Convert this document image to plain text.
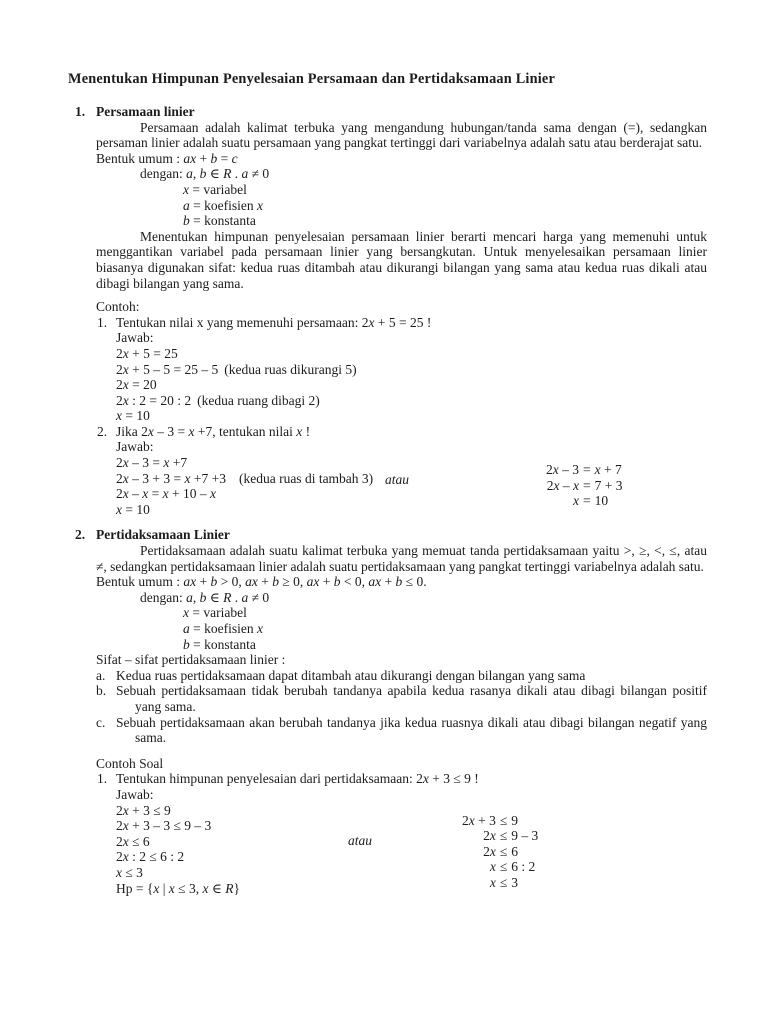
Menentukan Himpunan Penyelesaian Persamaan dan Pertidaksamaan Linier
1. Persamaan linier
Persamaan adalah kalimat terbuka yang mengandung hubungan/tanda sama dengan (=), sedangkan persaman linier adalah suatu persamaan yang pangkat tertinggi dari variabelnya adalah satu atau berderajat satu.
Bentuk umum : ax + b = c
dengan: a, b ∈ R . a ≠ 0
x = variabel
a = koefisien x
b = konstanta
Menentukan himpunan penyelesaian persamaan linier berarti mencari harga yang memenuhi untuk menggantikan variabel pada persamaan linier yang bersangkutan. Untuk menyelesaikan persamaan linier biasanya digunakan sifat: kedua ruas ditambah atau dikurangi bilangan yang sama atau kedua ruas dikali atau dibagi bilangan yang sama.
Contoh:
1. Tentukan nilai x yang memenuhi persamaan: 2x + 5 = 25 !
Jawab:
2x + 5 = 25
2x + 5 – 5 = 25 – 5 (kedua ruas dikurangi 5)
2x = 20
2x : 2 = 20 : 2 (kedua ruang dibagi 2)
x = 10
2. Jika 2x – 3 = x +7, tentukan nilai x !
Jawab:
2x – 3 = x +7
2x – 3 + 3 = x +7 +3 (kedua ruas di tambah 3)
2x – x = x + 10 – x
x = 10
atau
2x – 3	=	x + 7
2x – x	=	7 + 3
x	=	10
2. Pertidaksamaan Linier
Pertidaksamaan adalah suatu kalimat terbuka yang memuat tanda pertidaksamaan yaitu >, ≥, <, ≤, atau ≠, sedangkan pertidaksamaan linier adalah suatu pertidaksamaan yang pangkat tertinggi variabelnya adalah satu.
Bentuk umum : ax + b > 0, ax + b ≥ 0, ax + b < 0, ax + b ≤ 0.
dengan: a, b ∈ R . a ≠ 0
x = variabel
a = koefisien x
b = konstanta
Sifat – sifat pertidaksamaan linier :
a. Kedua ruas pertidaksamaan dapat ditambah atau dikurangi dengan bilangan yang sama
b. Sebuah pertidaksamaan tidak berubah tandanya apabila kedua rasanya dikali atau dibagi bilangan positif yang sama.
c. Sebuah pertidaksamaan akan berubah tandanya jika kedua ruasnya dikali atau dibagi bilangan negatif yang sama.
Contoh Soal
1. Tentukan himpunan penyelesaian dari pertidaksamaan: 2x + 3 ≤ 9 !
Jawab:
2x + 3 ≤ 9
2x + 3 – 3 ≤ 9 – 3
2x ≤ 6
2x : 2 ≤ 6 : 2
x ≤ 3
Hp = {x | x ≤ 3, x ∈ R}
atau
2x + 3	≤	9
2x	≤	9 – 3
2x	≤	6
x	≤	6 : 2
x	≤	3
